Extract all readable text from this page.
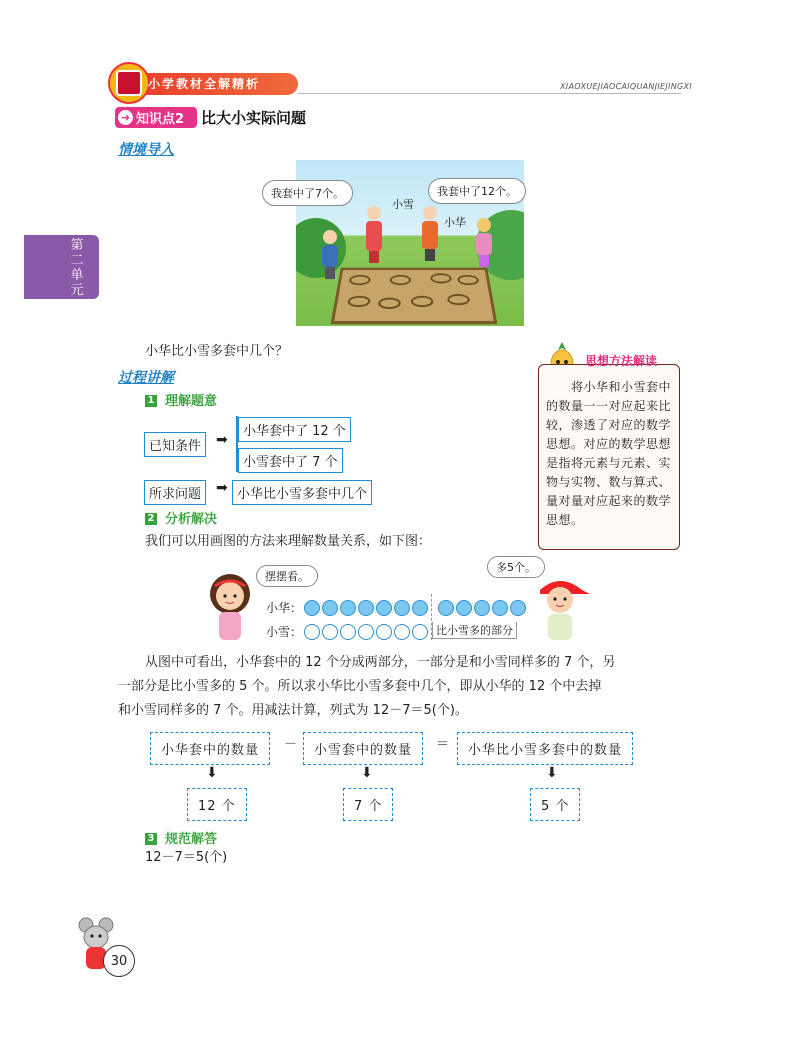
小学教材全解精析	XIAOXUEJIAOCAIQUANJIEJINGXI
第二单元
➜ 知识点2 比大小实际问题
情境导入
小雪
小华
我套中了7个。	我套中了12个。
小华比小雪多套中几个？
过程讲解
1 理解题意
已知条件	➡
小华套中了 12 个
小雪套中了 7 个
所求问题	➡ 小华比小雪多套中几个
2 分析解决
我们可以用画图的方法来理解数量关系，如下图：
思想方法解读
　　将小华和小雪套中的数量一一对应起来比较，渗透了对应的数学思想。对应的数学思想是指将元素与元素、实物与实物、数与算式、量对量对应起来的数学思想。
摆摆看。
多5个。
小华：
小雪：	比小雪多的部分
从图中可看出，小华套中的 12 个分成两部分，一部分是和小雪同样多的 7 个，另
一部分是比小雪多的 5 个。所以求小华比小雪多套中几个，即从小华的 12 个中去掉
和小雪同样多的 7 个。用减法计算，列式为 12－7＝5(个)。
小华套中的数量	－	小雪套中的数量	＝	小华比小雪多套中的数量
⬇	⬇	⬇
12 个	7 个	5 个
3 规范解答
12－7＝5(个)
30
